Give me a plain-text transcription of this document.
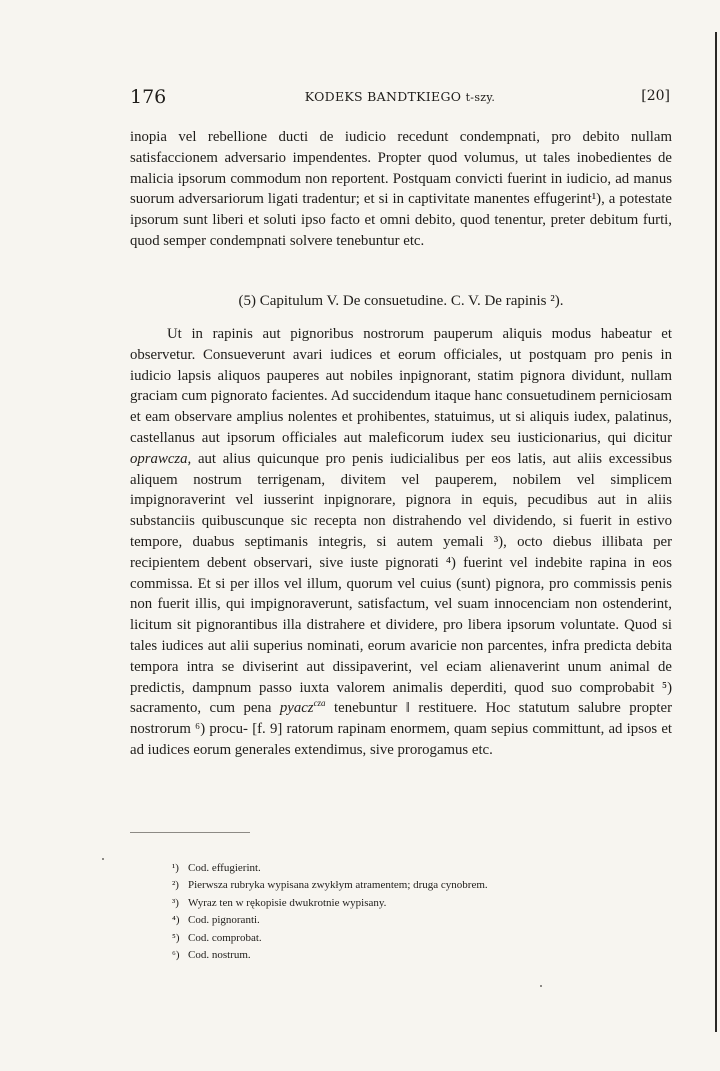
176	KODEKS BANDTKIEGO t-szy.	[20]
inopia vel rebellione ducti de iudicio recedunt condempnati, pro debito nullam satisfaccionem adversario impendentes. Propter quod volumus, ut tales inobedientes de malicia ipsorum commodum non reportent. Postquam convicti fuerint in iudicio, ad manus suorum adversariorum ligati tradentur; et si in captivitate manentes effugerint¹), a potestate ipsorum sunt liberi et soluti ipso facto et omni debito, quod tenentur, preter debitum furti, quod semper condempnati solvere tenebuntur etc.
(5) Capitulum V. De consuetudine. C. V. De rapinis ²).
Ut in rapinis aut pignoribus nostrorum pauperum aliquis modus habeatur et observetur. Consueverunt avari iudices et eorum officiales, ut postquam pro penis in iudicio lapsis aliquos pauperes aut nobiles inpignorant, statim pignora dividunt, nullam graciam cum pignorato facientes. Ad succidendum itaque hanc consuetudinem perniciosam et eam observare amplius nolentes et prohibentes, statuimus, ut si aliquis iudex, palatinus, castellanus aut ipsorum officiales aut maleficorum iudex seu iusticionarius, qui dicitur oprawcza, aut alius quicunque pro penis iudicialibus per eos latis, aut aliis excessibus aliquem nostrum terrigenam, divitem vel pauperem, nobilem vel simplicem impignoraverint vel iusserint inpignorare, pignora in equis, pecudibus aut in aliis substanciis quibuscunque sic recepta non distrahendo vel dividendo, si fuerit in estivo tempore, duabus septimanis integris, si autem yemali ³), octo diebus illibata per recipientem debent observari, sive iuste pignorati ⁴) fuerint vel indebite rapina in eos commissa. Et si per illos vel illum, quorum vel cuius (sunt) pignora, pro commissis penis non fuerit illis, qui impignoraverunt, satisfactum, vel suam innocenciam non ostenderint, licitum sit pignorantibus illa distrahere et dividere, pro libera ipsorum voluntate. Quod si tales iudices aut alii superius nominati, eorum avaricie non parcentes, infra predicta debita tempora intra se diviserint aut dissipaverint, vel eciam alienaverint unum animal de predictis, dampnum passo iuxta valorem animalis deperditi, quod suo comprobabit ⁵) sacramento, cum pena pyacz$^{cza}$ tenebuntur ‖ restituere. Hoc statutum salubre propter nostrorum ⁶) procu- [f. 9] ratorum rapinam enormem, quam sepius committunt, ad ipsos et ad iudices eorum generales extendimus, sive prorogamus etc.
¹) Cod. effugierint.
²) Pierwsza rubryka wypisana zwykłym atramentem; druga cynobrem.
³) Wyraz ten w rękopisie dwukrotnie wypisany.
⁴) Cod. pignoranti.
⁵) Cod. comprobat.
⁶) Cod. nostrum.
